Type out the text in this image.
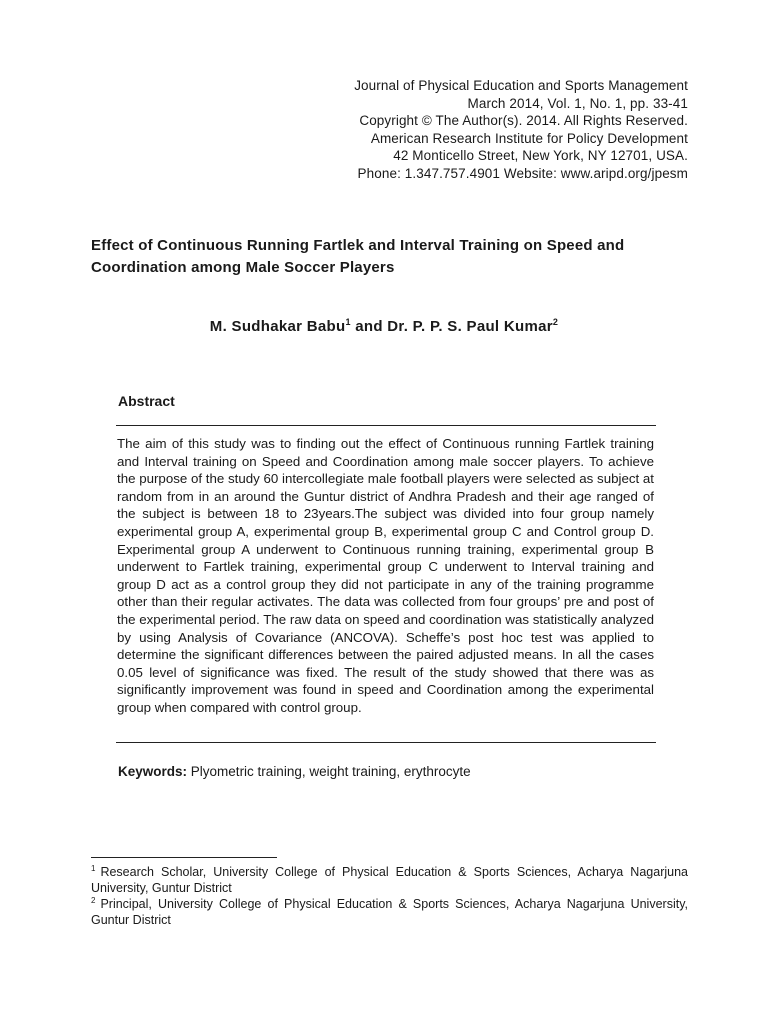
Journal of Physical Education and Sports Management
March 2014, Vol. 1, No. 1, pp. 33-41
Copyright © The Author(s). 2014. All Rights Reserved.
American Research Institute for Policy Development
42 Monticello Street, New York, NY 12701, USA.
Phone: 1.347.757.4901 Website: www.aripd.org/jpesm
Effect of Continuous Running Fartlek and Interval Training on Speed and
Coordination among Male Soccer Players
M. Sudhakar Babu$^1$ and Dr. P. P. S. Paul Kumar$^2$
Abstract
The aim of this study was to finding out the effect of Continuous running Fartlek training and Interval training on Speed and Coordination among male soccer players. To achieve the purpose of the study 60 intercollegiate male football players were selected as subject at random from in an around the Guntur district of Andhra Pradesh and their age ranged of the subject is between 18 to 23years.The subject was divided into four group namely experimental group A, experimental group B, experimental group C and Control group D. Experimental group A underwent to Continuous running training, experimental group B underwent to Fartlek training, experimental group C underwent to Interval training and group D act as a control group they did not participate in any of the training programme other than their regular activates. The data was collected from four groups’ pre and post of the experimental period. The raw data on speed and coordination was statistically analyzed by using Analysis of Covariance (ANCOVA). Scheffe’s post hoc test was applied to determine the significant differences between the paired adjusted means. In all the cases 0.05 level of significance was fixed. The result of the study showed that there was as significantly improvement was found in speed and Coordination among the experimental group when compared with control group.
Keywords: Plyometric training, weight training, erythrocyte
$^1$ Research Scholar, University College of Physical Education & Sports Sciences, Acharya Nagarjuna University, Guntur District
$^2$ Principal, University College of Physical Education & Sports Sciences, Acharya Nagarjuna University, Guntur District
